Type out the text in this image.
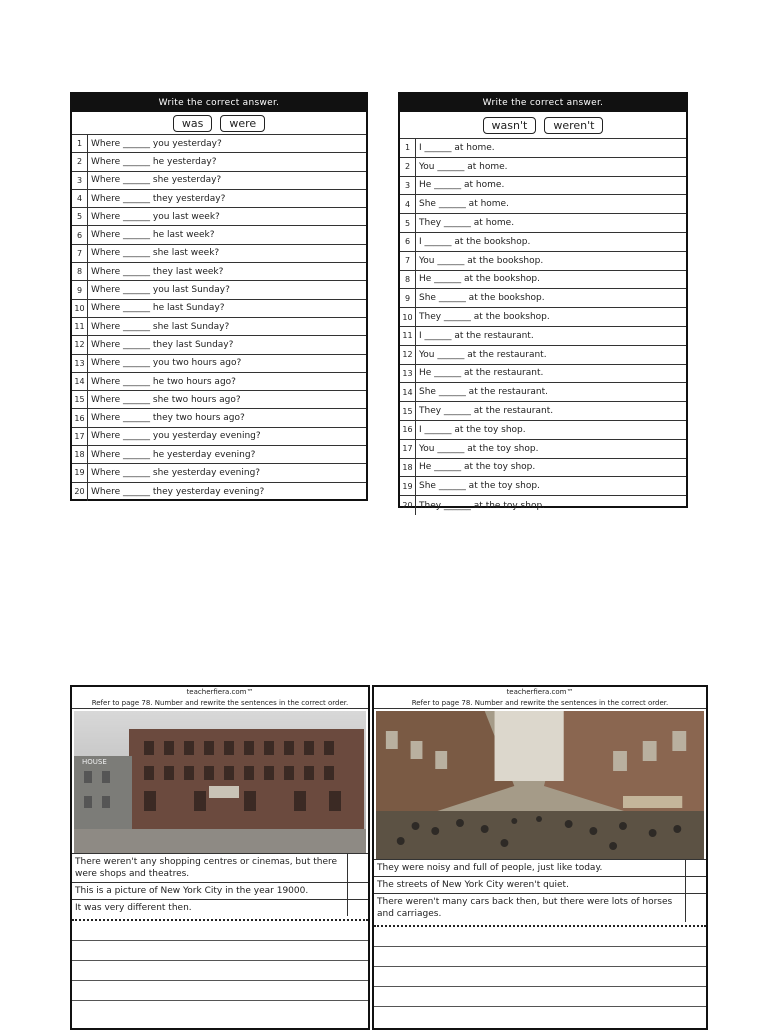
Write the correct answer.
was	were
1 Where ______ you yesterday?
2 Where ______ he yesterday?
3 Where ______ she yesterday?
4 Where ______ they yesterday?
5 Where ______ you last week?
6 Where ______ he last week?
7 Where ______ she last week?
8 Where ______ they last week?
9 Where ______ you last Sunday?
10 Where ______ he last Sunday?
11 Where ______ she last Sunday?
12 Where ______ they last Sunday?
13 Where ______ you two hours ago?
14 Where ______ he two hours ago?
15 Where ______ she two hours ago?
16 Where ______ they two hours ago?
17 Where ______ you yesterday evening?
18 Where ______ he yesterday evening?
19 Where ______ she yesterday evening?
20 Where ______ they yesterday evening?
Write the correct answer.
wasn't	weren't
1 I ______ at home.
2 You ______ at home.
3 He ______ at home.
4 She ______ at home.
5 They ______ at home.
6 I ______ at the bookshop.
7 You ______ at the bookshop.
8 He ______ at the bookshop.
9 She ______ at the bookshop.
10 They ______ at the bookshop.
11 I ______ at the restaurant.
12 You ______ at the restaurant.
13 He ______ at the restaurant.
14 She ______ at the restaurant.
15 They ______ at the restaurant.
16 I ______ at the toy shop.
17 You ______ at the toy shop.
18 He ______ at the toy shop.
19 She ______ at the toy shop.
20 They ______ at the toy shop.
teacherfiera.com™
Refer to page 78. Number and rewrite the sentences in the correct order.
HOUSE
There weren't any shopping centres or cinemas, but there were shops and theatres.
This is a picture of New York City in the year 19000.
It was very different then.
teacherfiera.com™
Refer to page 78. Number and rewrite the sentences in the correct order.
They were noisy and full of people, just like today.
The streets of New York City weren't quiet.
There weren't many cars back then, but there were lots of horses and carriages.
